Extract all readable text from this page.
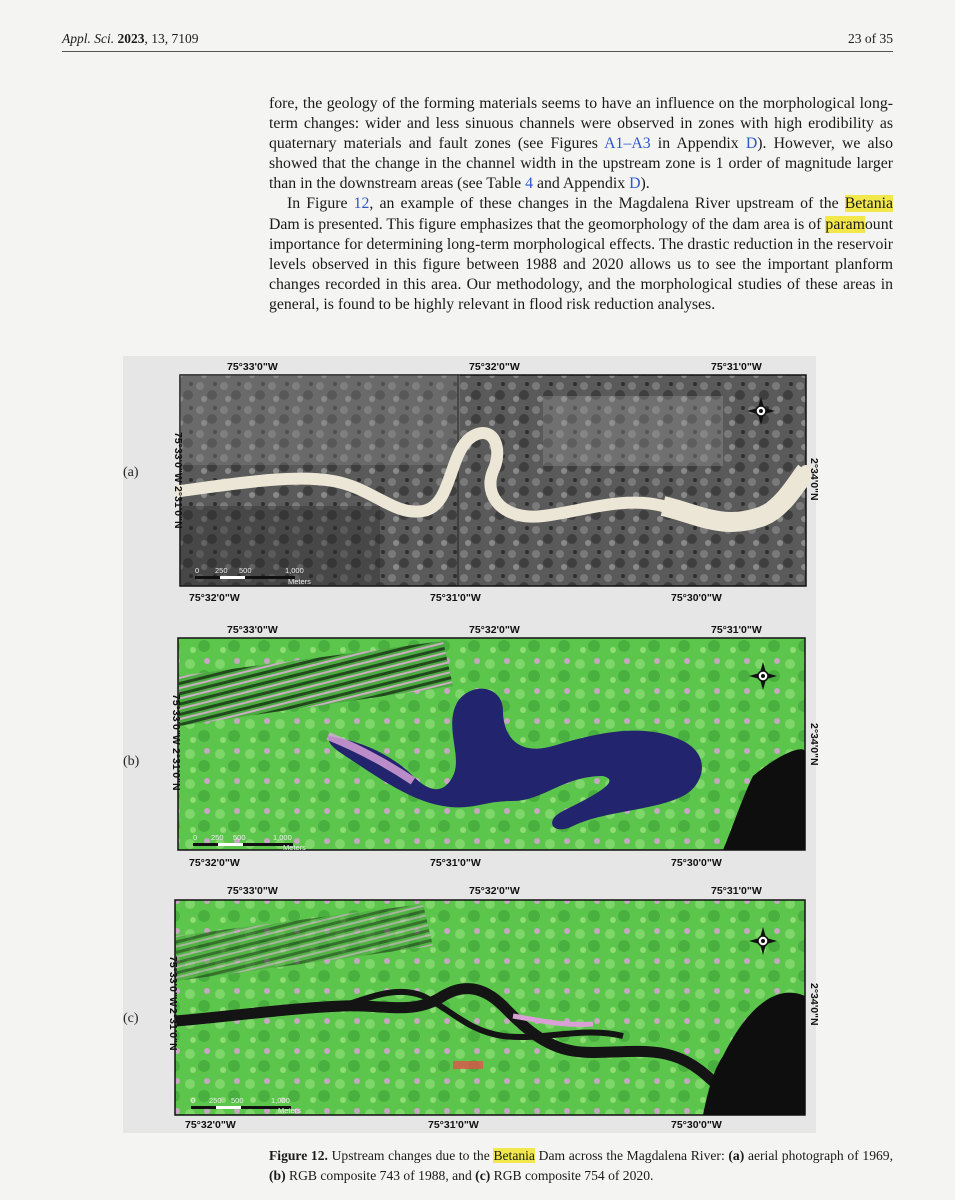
Appl. Sci. 2023, 13, 7109	23 of 35

fore, the geology of the forming materials seems to have an influence on the morphological long-term changes: wider and less sinuous channels were observed in zones with high erodibility as quaternary materials and fault zones (see Figures A1–A3 in Appendix D). However, we also showed that the change in the channel width in the upstream zone is 1 order of magnitude larger than in the downstream areas (see Table 4 and Appendix D).

In Figure 12, an example of these changes in the Magdalena River upstream of the Betania Dam is presented. This figure emphasizes that the geomorphology of the dam area is of paramount importance for determining long-term morphological effects. The drastic reduction in the reservoir levels observed in this figure between 1988 and 2020 allows us to see the important planform changes recorded in this area. Our methodology, and the morphological studies of these areas in general, is found to be highly relevant in flood risk reduction analyses.

(a)
75°33'0"W	75°32'0"W	75°31'0"W
0 250 500	1,000
Meters
75°33'0"W
2°31'0"N
2°34'0"N
75°32'0"W	75°31'0"W	75°30'0"W
(b)
75°33'0"W	75°32'0"W	75°31'0"W
0 250 500	1,000
Meters
75°33'0"W
2°31'0"N
2°34'0"N
75°32'0"W	75°31'0"W	75°30'0"W
(c)
75°33'0"W	75°32'0"W	75°31'0"W
0 250 500	1,000
Meters
75°33'0"W
2°31'0"N
2°34'0"N
75°32'0"W	75°31'0"W	75°30'0"W
Figure 12. Upstream changes due to the Betania Dam across the Magdalena River: (a) aerial photograph of 1969, (b) RGB composite 743 of 1988, and (c) RGB composite 754 of 2020.
